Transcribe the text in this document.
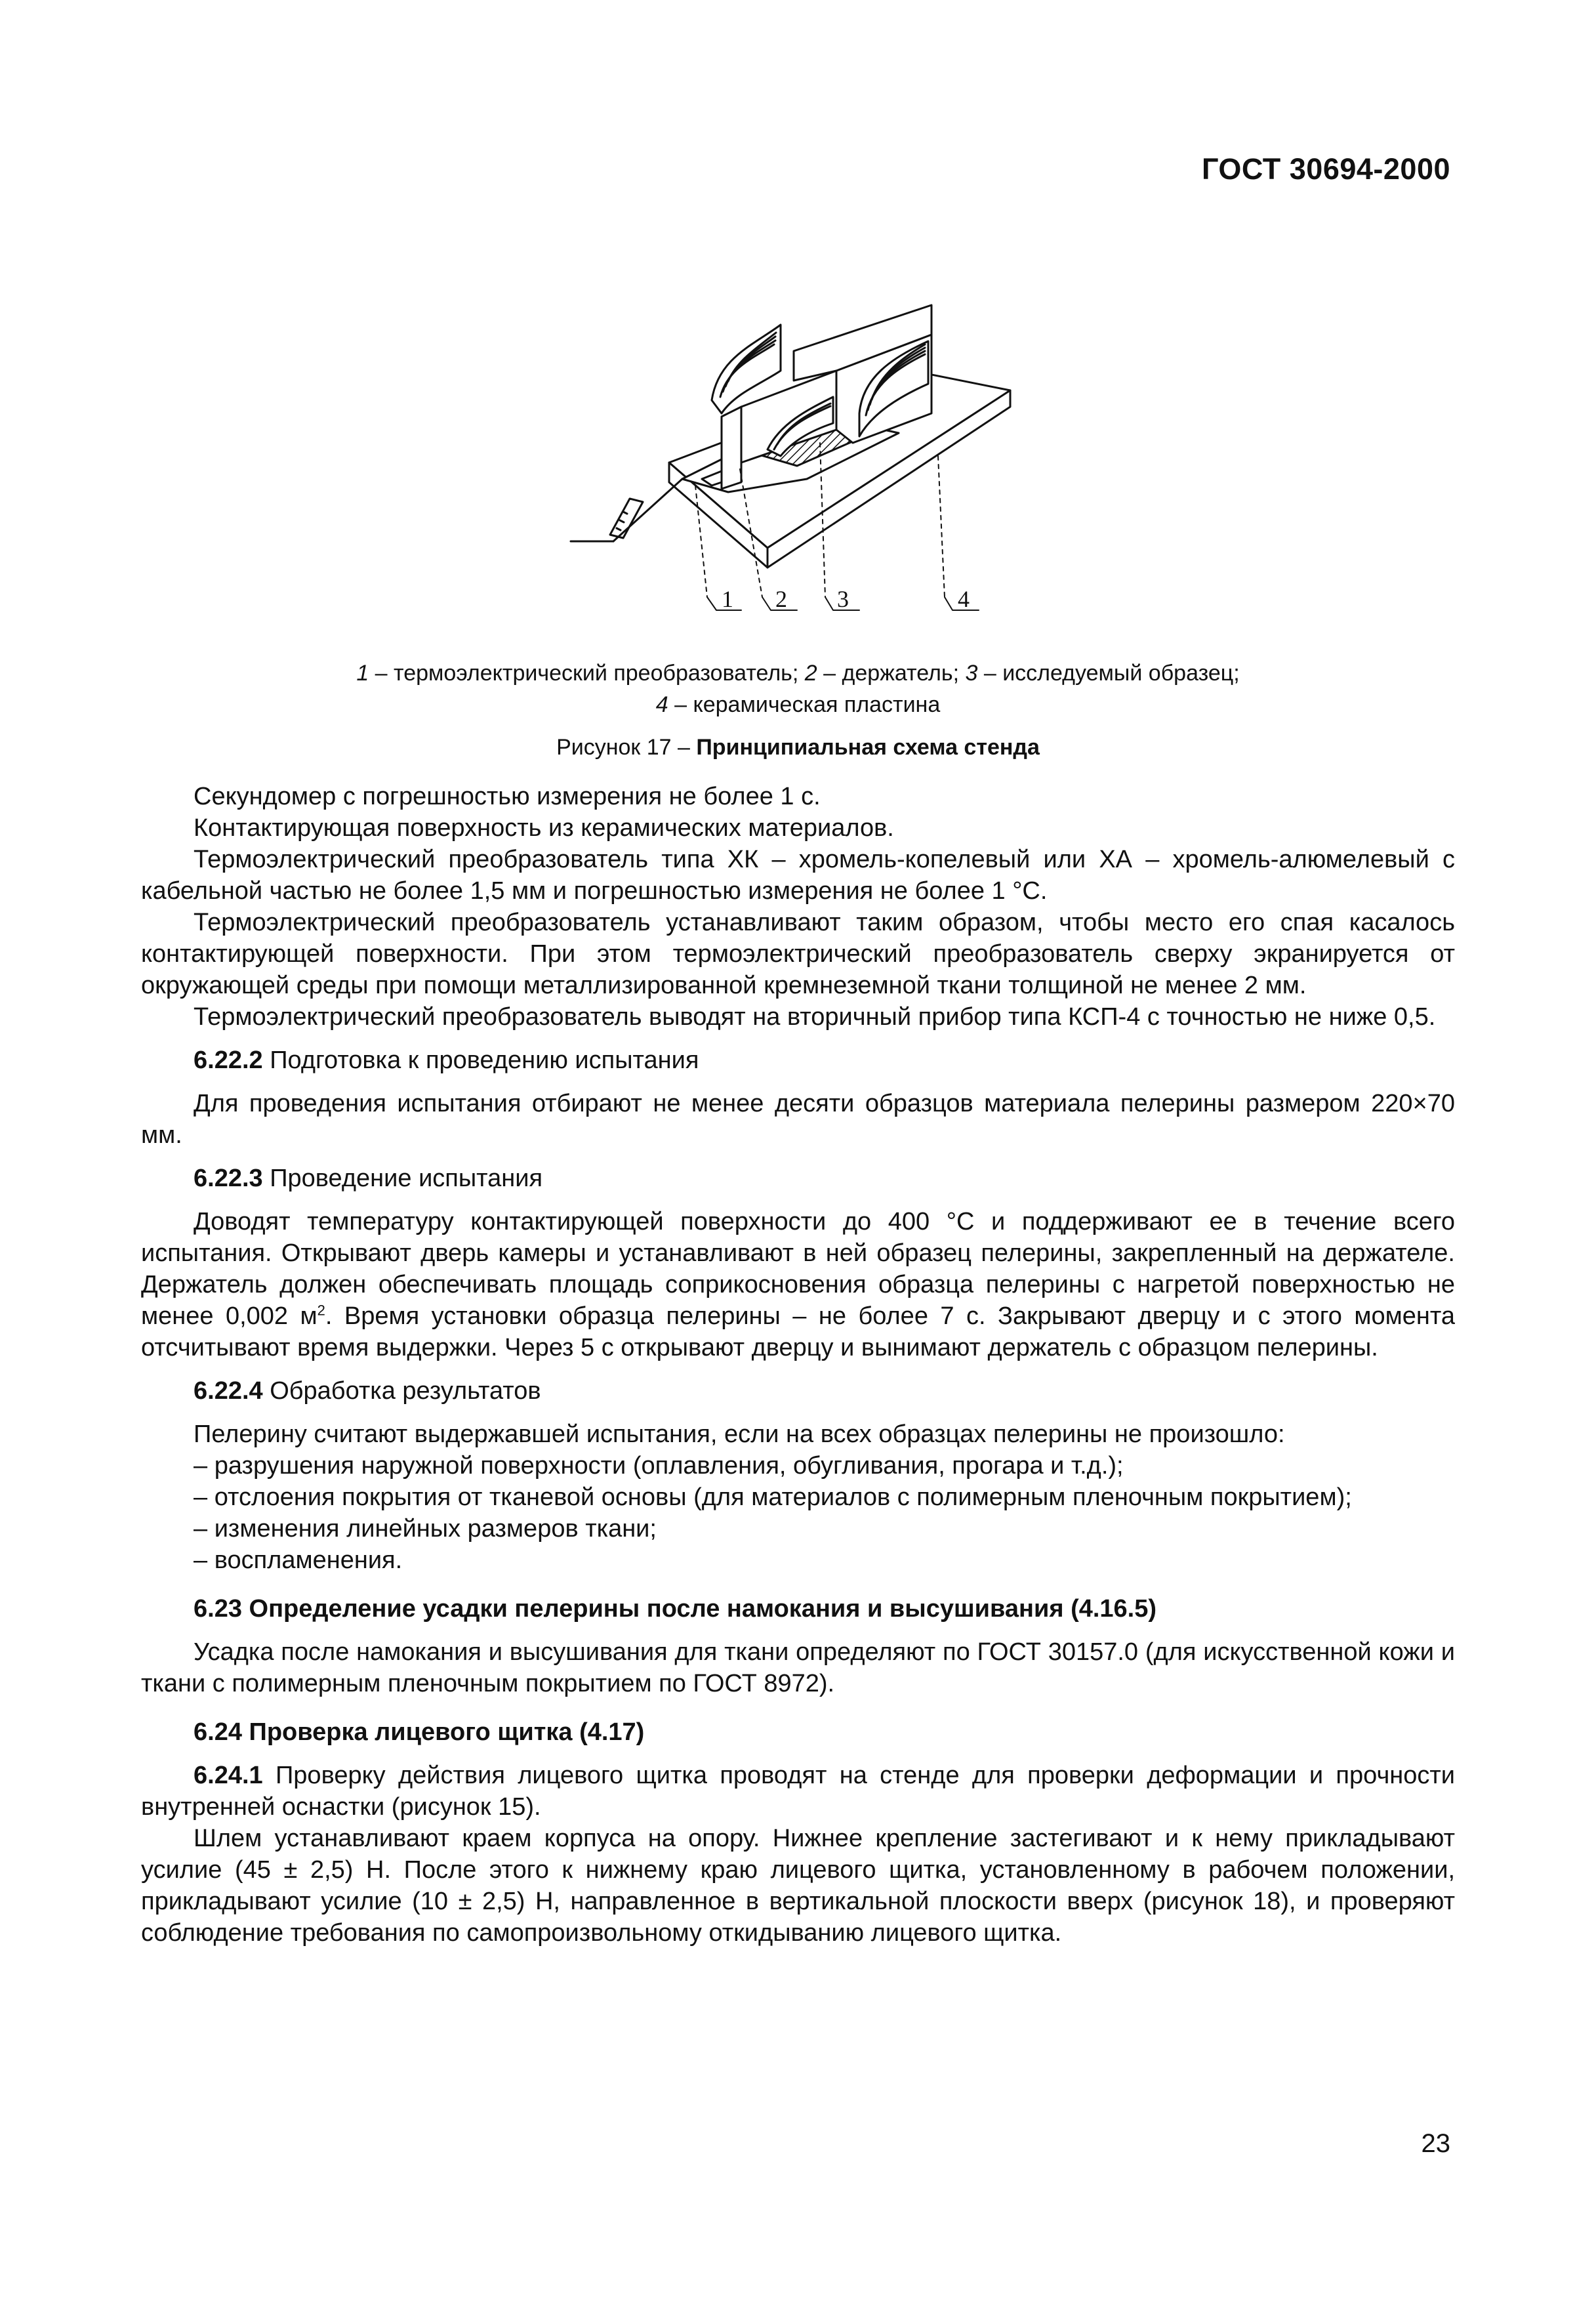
ГОСТ 30694-2000
1 2 3	4
1 – термоэлектрический преобразователь; 2 – держатель; 3 – исследуемый образец;
4 – керамическая пластина
Рисунок 17 – Принципиальная схема стенда

Секундомер с погрешностью измерения не более 1 с.

Контактирующая поверхность из керамических материалов.

Термоэлектрический преобразователь типа ХК – хромель-копелевый или ХА – хромель-алюмелевый с кабельной частью не более 1,5 мм и погрешностью измерения не более 1 °С.

Термоэлектрический преобразователь устанавливают таким образом, чтобы место его спая касалось контактирующей поверхности. При этом термоэлектрический преобразователь сверху экранируется от окружающей среды при помощи металлизированной кремнеземной ткани толщиной не менее 2 мм.

Термоэлектрический преобразователь выводят на вторичный прибор типа КСП-4 с точностью не ниже 0,5.

6.22.2 Подготовка к проведению испытания

Для проведения испытания отбирают не менее десяти образцов материала пелерины размером 220×70 мм.

6.22.3 Проведение испытания

Доводят температуру контактирующей поверхности до 400 °С и поддерживают ее в течение всего испытания. Открывают дверь камеры и устанавливают в ней образец пелерины, закрепленный на держателе. Держатель должен обеспечивать площадь соприкосновения образца пелерины с нагретой поверхностью не менее 0,002 $м^2$. Время установки образца пелерины – не более 7 с. Закрывают дверцу и с этого момента отсчитывают время выдержки. Через 5 с открывают дверцу и вынимают держатель с образцом пелерины.

6.22.4 Обработка результатов

Пелерину считают выдержавшей испытания, если на всех образцах пелерины не произошло:

– разрушения наружной поверхности (оплавления, обугливания, прогара и т.д.);

– отслоения покрытия от тканевой основы (для материалов с полимерным пленочным покрытием);

– изменения линейных размеров ткани;

– воспламенения.

6.23 Определение усадки пелерины после намокания и высушивания (4.16.5)

Усадка после намокания и высушивания для ткани определяют по ГОСТ 30157.0 (для искусственной кожи и ткани с полимерным пленочным покрытием по ГОСТ 8972).

6.24 Проверка лицевого щитка (4.17)

6.24.1 Проверку действия лицевого щитка проводят на стенде для проверки деформации и прочности внутренней оснастки (рисунок 15).

Шлем устанавливают краем корпуса на опору. Нижнее крепление застегивают и к нему прикладывают усилие (45 ± 2,5) Н. После этого к нижнему краю лицевого щитка, установленному в рабочем положении, прикладывают усилие (10 ± 2,5) Н, направленное в вертикальной плоскости вверх (рисунок 18), и проверяют соблюдение требования по самопроизвольному откидыванию лицевого щитка.

23
